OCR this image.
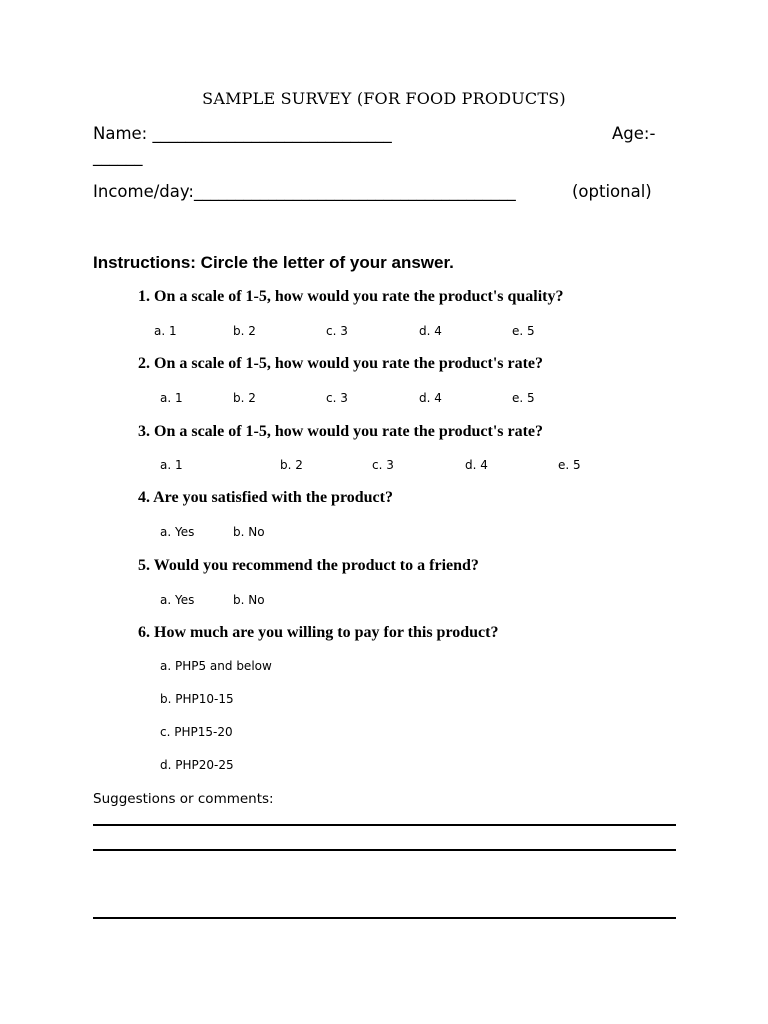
SAMPLE SURVEY (FOR FOOD PRODUCTS)
Name: _____________________________	Age:-
______
Income/day:_______________________________________	(optional)
Instructions: Circle the letter of your answer.
1. On a scale of 1-5, how would you rate the product's quality?
a. 1	b. 2	c. 3	d. 4	e. 5
2. On a scale of 1-5, how would you rate the product's rate?
a. 1	b. 2	c. 3	d. 4	e. 5
3. On a scale of 1-5, how would you rate the product's rate?
a. 1	b. 2	c. 3	d. 4	e. 5
4. Are you satisfied with the product?
a. Yes	b. No
5. Would you recommend the product to a friend?
a. Yes	b. No
6. How much are you willing to pay for this product?
a. PHP5 and below
b. PHP10-15
c. PHP15-20
d. PHP20-25
Suggestions or comments:
